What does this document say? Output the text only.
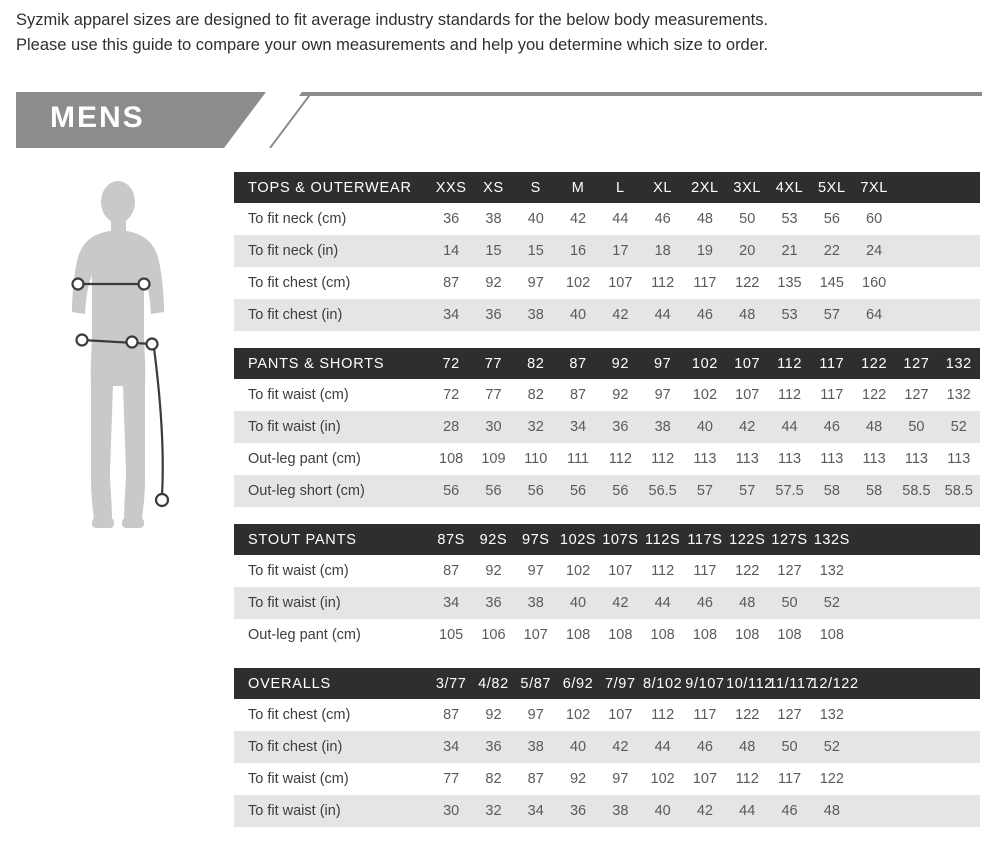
Syzmik apparel sizes are designed to fit average industry standards for the below body measurements.
Please use this guide to compare your own measurements and help you determine which size to order.
MENS
TOPS & OUTERWEAR	XXS	XS	S	M	L	XL	2XL	3XL	4XL	5XL	7XL		
To fit neck (cm)	36	38	40	42	44	46	48	50	53	56	60		
To fit neck (in)	14	15	15	16	17	18	19	20	21	22	24		
To fit chest (cm)	87	92	97	102	107	112	117	122	135	145	160		
To fit chest (in)	34	36	38	40	42	44	46	48	53	57	64		
PANTS & SHORTS	72	77	82	87	92	97	102	107	112	117	122	127	132
To fit waist (cm)	72	77	82	87	92	97	102	107	112	117	122	127	132
To fit waist (in)	28	30	32	34	36	38	40	42	44	46	48	50	52
Out-leg pant (cm)	108	109	110	111	112	112	113	113	113	113	113	113	113
Out-leg short (cm)	56	56	56	56	56	56.5	57	57	57.5	58	58	58.5	58.5
STOUT PANTS	87S	92S	97S	102S	107S	112S	117S	122S	127S	132S			
To fit waist (cm)	87	92	97	102	107	112	117	122	127	132			
To fit waist (in)	34	36	38	40	42	44	46	48	50	52			
Out-leg pant (cm)	105	106	107	108	108	108	108	108	108	108			
OVERALLS	3/77	4/82	5/87	6/92	7/97	8/102	9/107	10/112	11/117	12/122			
To fit chest (cm)	87	92	97	102	107	112	117	122	127	132			
To fit chest (in)	34	36	38	40	42	44	46	48	50	52			
To fit waist (cm)	77	82	87	92	97	102	107	112	117	122			
To fit waist (in)	30	32	34	36	38	40	42	44	46	48			
